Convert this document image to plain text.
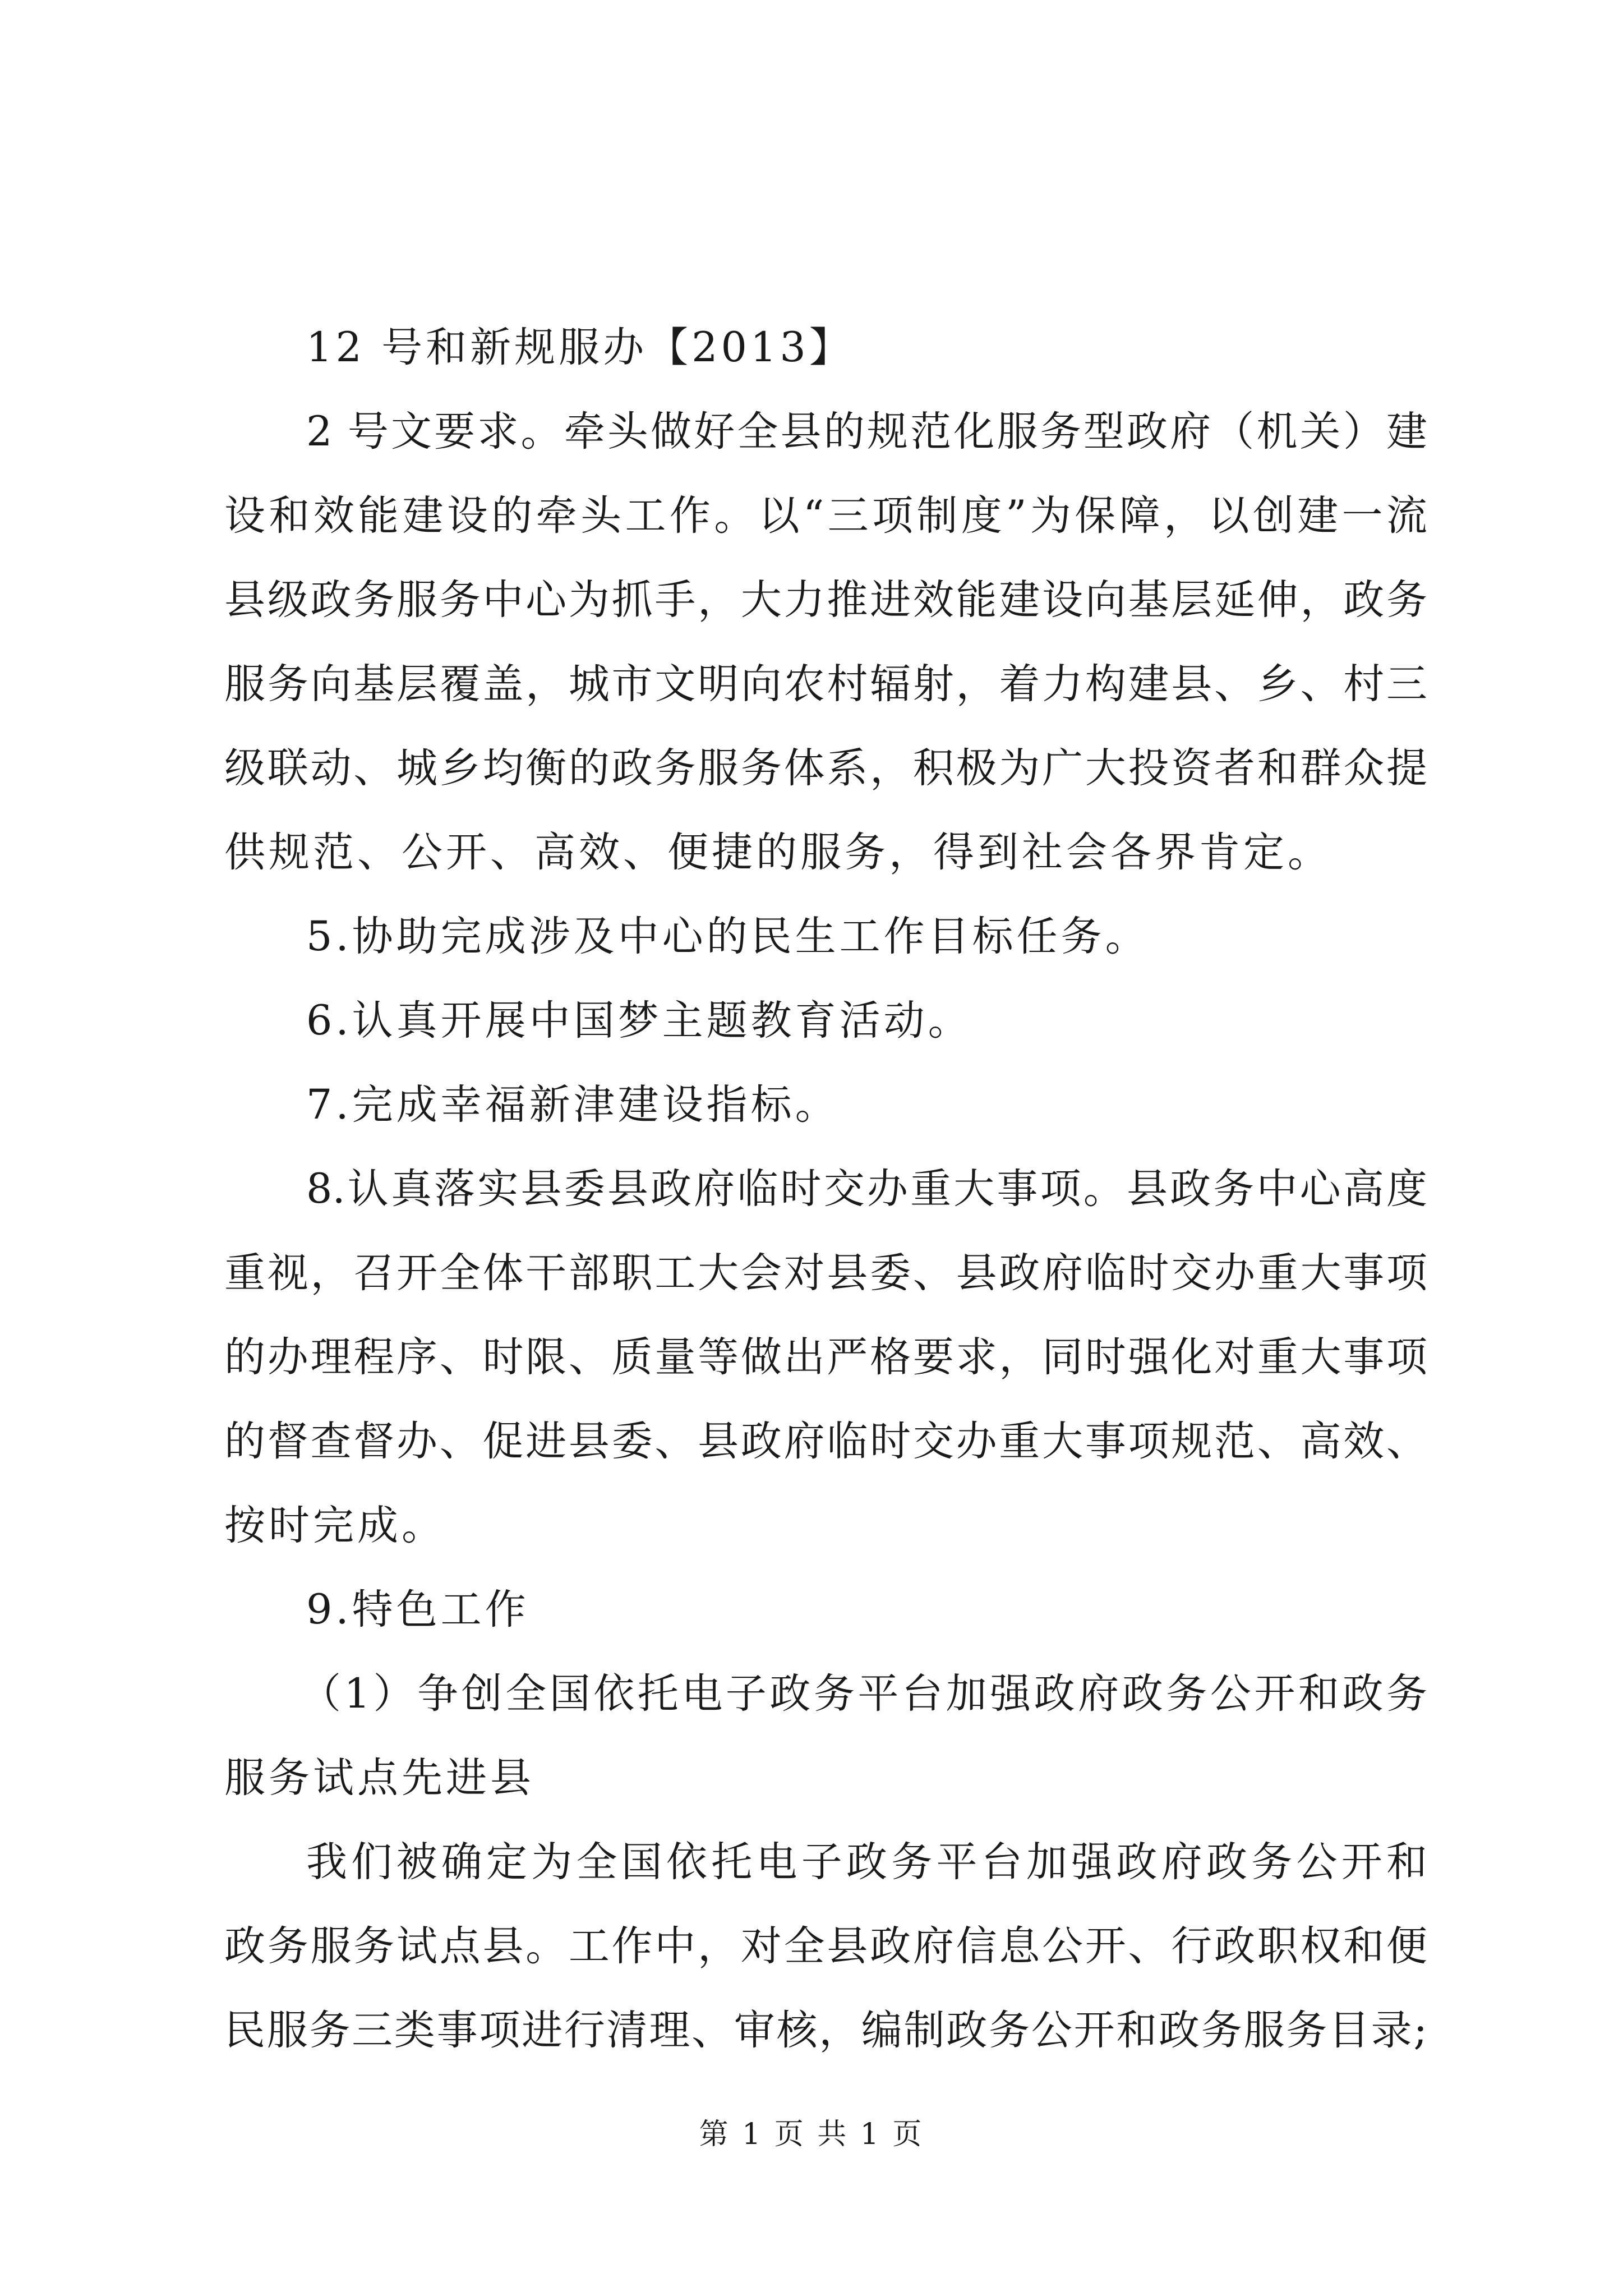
12 号和新规服办【2013】
2 号文要求。牵头做好全县的规范化服务型政府（机关）建
设和效能建设的牵头工作。以“三项制度”为保障，以创建一流
县级政务服务中心为抓手，大力推进效能建设向基层延伸，政务
服务向基层覆盖，城市文明向农村辐射，着力构建县、乡、村三
级联动、城乡均衡的政务服务体系，积极为广大投资者和群众提
供规范、公开、高效、便捷的服务，得到社会各界肯定。
5.协助完成涉及中心的民生工作目标任务。
6.认真开展中国梦主题教育活动。
7.完成幸福新津建设指标。
8.认真落实县委县政府临时交办重大事项。县政务中心高度
重视，召开全体干部职工大会对县委、县政府临时交办重大事项
的办理程序、时限、质量等做出严格要求，同时强化对重大事项
的督查督办、促进县委、县政府临时交办重大事项规范、高效、
按时完成。
9.特色工作
（1）争创全国依托电子政务平台加强政府政务公开和政务
服务试点先进县
我们被确定为全国依托电子政务平台加强政府政务公开和
政务服务试点县。工作中，对全县政府信息公开、行政职权和便
民服务三类事项进行清理、审核，编制政务公开和政务服务目录;
第 1 页 共 1 页
